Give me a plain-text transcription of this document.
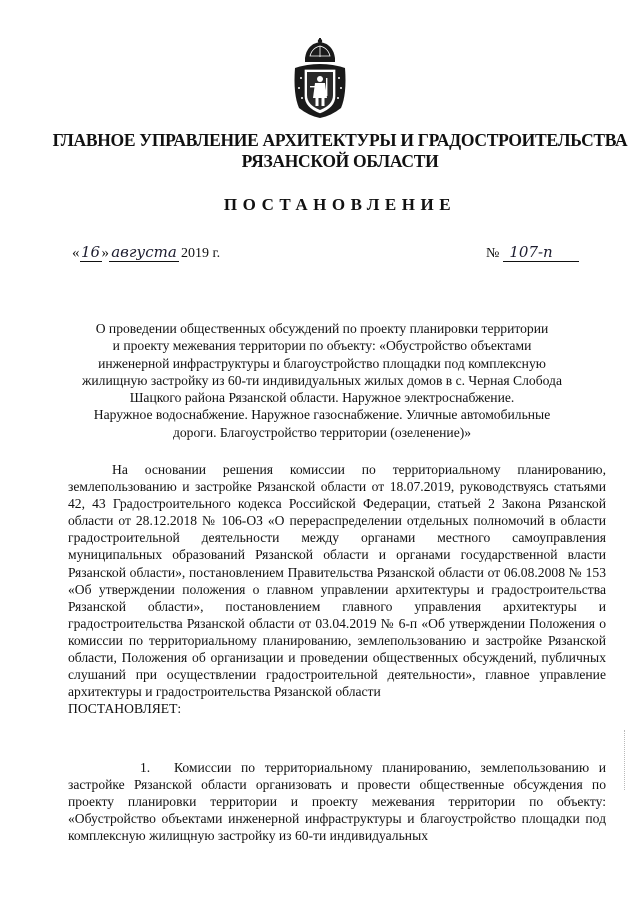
ГЛАВНОЕ УПРАВЛЕНИЕ АРХИТЕКТУРЫ И ГРАДОСТРОИТЕЛЬСТВА
РЯЗАНСКОЙ ОБЛАСТИ
ПОСТАНОВЛЕНИЕ
«16» августа 2019 г.	№ 107-п
О проведении общественных обсуждений по проекту планировки территории
и проекту межевания территории по объекту: «Обустройство объектами
инженерной инфраструктуры и благоустройство площадки под комплексную
жилищную застройку из 60-ти индивидуальных жилых домов в с. Черная Слобода
Шацкого района Рязанской области. Наружное электроснабжение.
Наружное водоснабжение. Наружное газоснабжение. Уличные автомобильные
дороги. Благоустройство территории (озеленение)»

На основании решения комиссии по территориальному планированию, землепользованию и застройке Рязанской области от 18.07.2019, руководствуясь статьями 42, 43 Градостроительного кодекса Российской Федерации, статьей 2 Закона Рязанской области от 28.12.2018 № 106-ОЗ «О перераспределении отдельных полномочий в области градостроительной деятельности между органами местного самоуправления муниципальных образований Рязанской области и органами государственной власти Рязанской области», постановлением Правительства Рязанской области от 06.08.2008 № 153 «Об утверждении положения о главном управлении архитектуры и градостроительства Рязанской области», постановлением главного управления архитектуры и градостроительства Рязанской области от 03.04.2019 № 6-п «Об утверждении Положения о комиссии по территориальному планированию, землепользованию и застройке Рязанской области, Положения об организации и проведении общественных обсуждений, публичных слушаний при осуществлении градостроительной деятельности», главное управление архитектуры и градостроительства Рязанской области

ПОСТАНОВЛЯЕТ:

1. Комиссии по территориальному планированию, землепользованию и застройке Рязанской области организовать и провести общественные обсуждения по проекту планировки территории и проекту межевания территории по объекту: «Обустройство объектами инженерной инфраструктуры и благоустройство площадки под комплексную жилищную застройку из 60-ти индивидуальных
